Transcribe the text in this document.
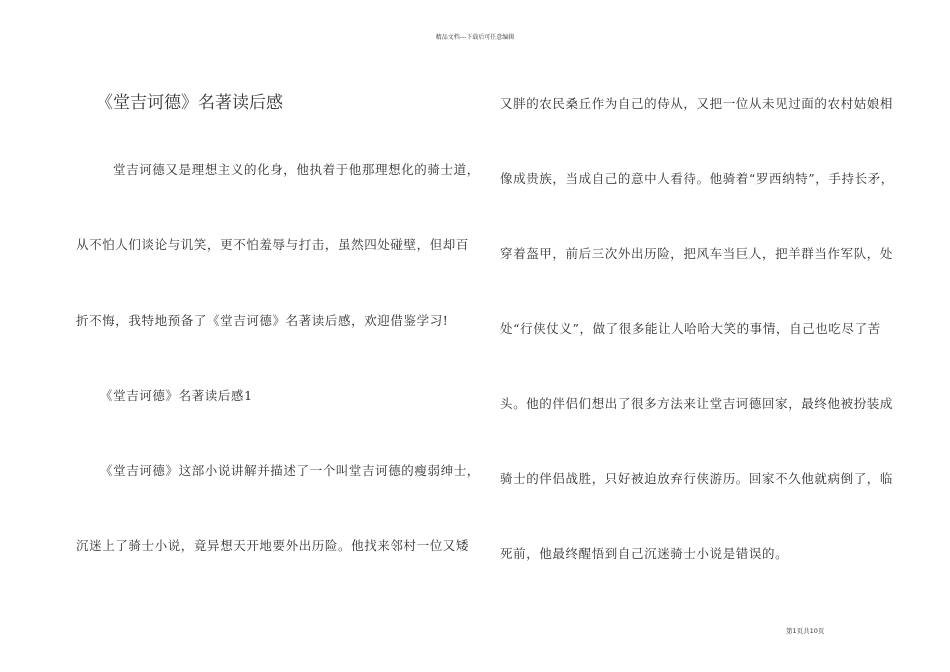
精品文档---下载后可任意编辑
《堂吉诃德》名著读后感
堂吉诃德又是理想主义的化身，他执着于他那理想化的骑士道，
从不怕人们谈论与讥笑，更不怕羞辱与打击，虽然四处碰壁，但却百
折不悔，我特地预备了《堂吉诃德》名著读后感，欢迎借鉴学习!
《堂吉诃德》名著读后感1
《堂吉诃德》这部小说讲解并描述了一个叫堂吉诃德的瘦弱绅士，
沉迷上了骑士小说，竟异想天开地要外出历险。他找来邻村一位又矮
又胖的农民桑丘作为自己的侍从，又把一位从未见过面的农村姑娘相
像成贵族，当成自己的意中人看待。他骑着“罗西纳特”，手持长矛，
穿着盔甲，前后三次外出历险，把风车当巨人，把羊群当作军队，处
处“行侠仗义”，做了很多能让人哈哈大笑的事情，自己也吃尽了苦
头。他的伴侣们想出了很多方法来让堂吉诃德回家，最终他被扮装成
骑士的伴侣战胜，只好被迫放弃行侠游历。回家不久他就病倒了，临
死前，他最终醒悟到自己沉迷骑士小说是错误的。
第1页共10页
